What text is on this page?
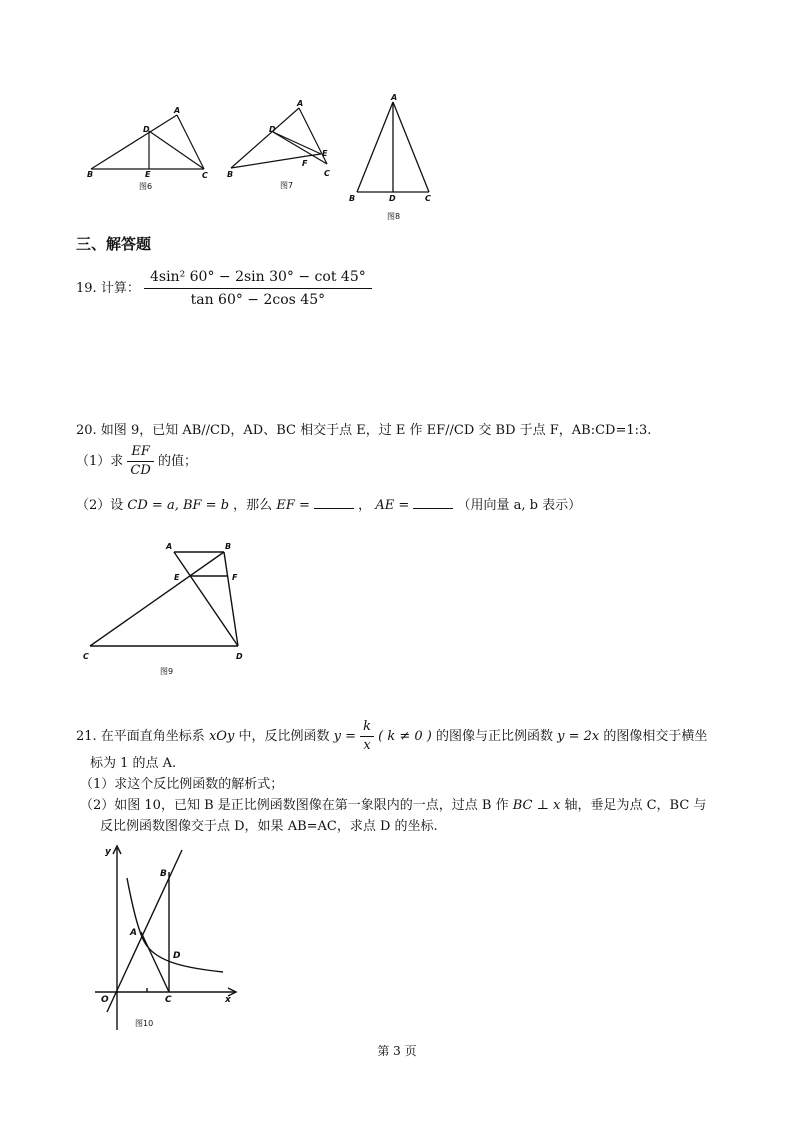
A
D
B	E	C
图6
A
D
E
F
B	C
图7
A
B	D	C
图8
三、解答题
19. 计算： $\frac{\text{4sin² 60° − 2sin 30° − cot 45°}}{\tan 60^\circ - 2\cos 45^\circ}$
20. 如图 9，已知 AB//CD，AD、BC 相交于点 E，过 E 作 EF//CD 交 BD 于点 F，AB:CD=1:3.
（1）求 $\frac{EF}{CD}$ 的值；
（2）设 CD = a, BF = b ，那么 EF =	， AE =	（用向量 a, b 表示）
A	B
E	F
C	D
图9
21. 在平面直角坐标系 xOy 中，反比例函数 $y = \frac{k}{x}$ ( k ≠ 0 ) 的图像与正比例函数 y = 2x 的图像相交于横坐
标为 1 的点 A.
（1）求这个反比例函数的解析式；
（2）如图 10，已知 B 是正比例函数图像在第一象限内的一点，过点 B 作 BC ⊥ x 轴，垂足为点 C，BC 与
反比例函数图像交于点 D，如果 AB=AC，求点 D 的坐标.
y
B
A
D
O	C	x
图10
第 3 页
